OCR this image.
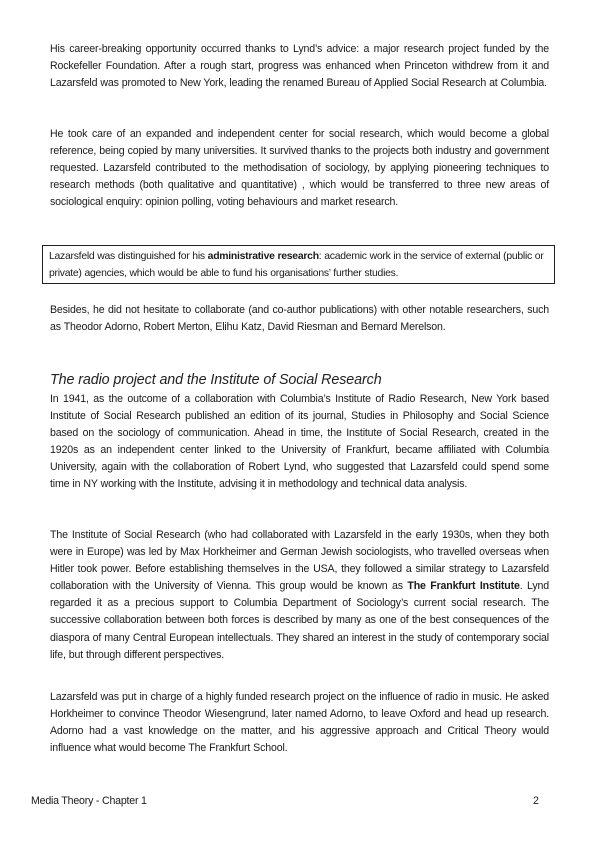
His career-breaking opportunity occurred thanks to Lynd’s advice: a major research project funded by the Rockefeller Foundation. After a rough start, progress was enhanced when Princeton withdrew from it and Lazarsfeld was promoted to New York, leading the renamed Bureau of Applied Social Research at Columbia.

He took care of an expanded and independent center for social research, which would become a global reference, being copied by many universities. It survived thanks to the projects both industry and government requested. Lazarsfeld contributed to the methodisation of sociology, by applying pioneering techniques to research methods (both qualitative and quantitative) , which would be transferred to three new areas of sociological enquiry: opinion polling, voting behaviours and market research.

Lazarsfeld was distinguished for his administrative research: academic work in the service of external (public or private) agencies, which would be able to fund his organisations’ further studies.

Besides, he did not hesitate to collaborate (and co-author publications) with other notable researchers, such as Theodor Adorno, Robert Merton, Elihu Katz, David Riesman and Bernard Merelson.

The radio project and the Institute of Social Research

In 1941, as the outcome of a collaboration with Columbia’s Institute of Radio Research, New York based Institute of Social Research published an edition of its journal, Studies in Philosophy and Social Science based on the sociology of communication. Ahead in time, the Institute of Social Research, created in the 1920s as an independent center linked to the University of Frankfurt, became affiliated with Columbia University, again with the collaboration of Robert Lynd, who suggested that Lazarsfeld could spend some time in NY working with the Institute, advising it in methodology and technical data analysis.

The Institute of Social Research (who had collaborated with Lazarsfeld in the early 1930s, when they both were in Europe) was led by Max Horkheimer and German Jewish sociologists, who travelled overseas when Hitler took power. Before establishing themselves in the USA, they followed a similar strategy to Lazarsfeld collaboration with the University of Vienna. This group would be known as The Frankfurt Institute. Lynd regarded it as a precious support to Columbia Department of Sociology’s current social research. The successive collaboration between both forces is described by many as one of the best consequences of the diaspora of many Central European intellectuals. They shared an interest in the study of contemporary social life, but through different perspectives.

Lazarsfeld was put in charge of a highly funded research project on the influence of radio in music. He asked Horkheimer to convince Theodor Wiesengrund, later named Adorno, to leave Oxford and head up research. Adorno had a vast knowledge on the matter, and his aggressive approach and Critical Theory would influence what would become The Frankfurt School.

Media Theory - Chapter 1	2
